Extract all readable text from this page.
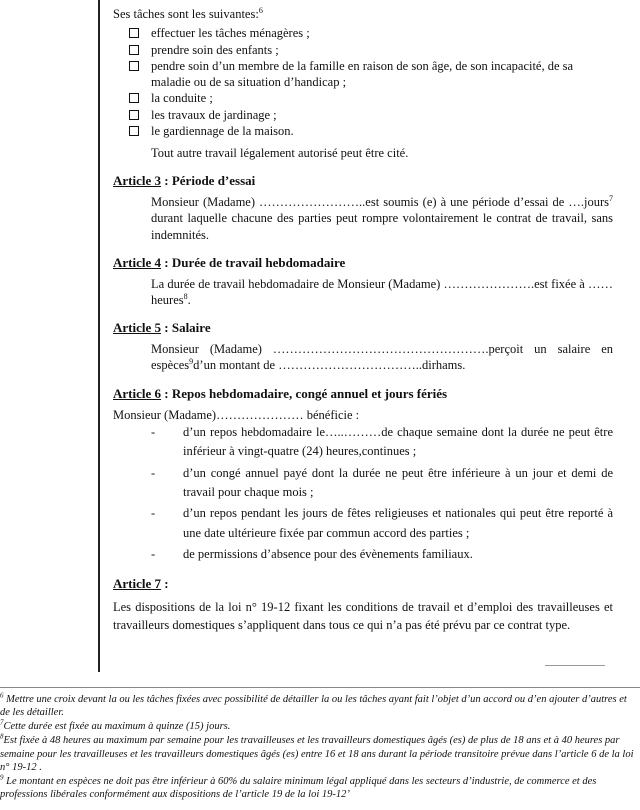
Ses tâches sont les suivantes:$^6$

effectuer les tâches ménagères ;
prendre soin des enfants ;
pendre soin d’un membre de la famille en raison de son âge, de son incapacité, de sa maladie ou de sa situation d’handicap ;
la conduite ;
les travaux de jardinage ;
le gardiennage de la maison.

Tout autre travail légalement autorisé peut être cité.

Article 3 : Période d’essai

Monsieur (Madame) ……………………..est soumis (e) à une période d’essai de ….jours$^7$ durant laquelle chacune des parties peut rompre volontairement le contrat de travail, sans indemnités.

Article 4 : Durée de travail hebdomadaire

La durée de travail hebdomadaire de Monsieur (Madame) ………………….est fixée à …… heures$^8$.

Article 5 : Salaire

Monsieur (Madame) …………………………………………….perçoit un salaire en espèces$^9$d’un montant de ……………………………..dirhams.

Article 6 : Repos hebdomadaire, congé annuel et jours fériés

Monsieur (Madame)………………… bénéficie :

- d’un repos hebdomadaire le…..………de chaque semaine dont la durée ne peut être inférieur à vingt-quatre (24) heures,continues ;
- d’un congé annuel payé dont la durée ne peut être inférieure à un jour et demi de travail pour chaque mois ;
- d’un repos pendant les jours de fêtes religieuses et nationales qui peut être reporté à une date ultérieure fixée par commun accord des parties ;
- de permissions d’absence pour des évènements familiaux.

Article 7 :

Les dispositions de la loi n° 19-12 fixant les conditions de travail et d’emploi des travailleuses et travailleurs domestiques s’appliquent dans tous ce qui n’a pas été prévu par ce contrat type.

$^6$ Mettre une croix devant la ou les tâches fixées avec possibilité de détailler la ou les tâches ayant fait l’objet d’un accord ou d’en ajouter d’autres et de les détailler.

$^7$Cette durée est fixée au maximum à quinze (15) jours.

$^8$Est fixée à 48 heures au maximum par semaine pour les travailleuses et les travailleurs domestiques âgés (es) de plus de 18 ans et à 40 heures par semaine pour les travailleuses et les travailleurs domestiques âgés (es) entre 16 et 18 ans durant la période transitoire prévue dans l’article 6 de la loi n° 19-12 .

$^9$ Le montant en espèces ne doit pas être inférieur à 60% du salaire minimum légal appliqué dans les secteurs d’industrie, de commerce et des professions libérales conformément aux dispositions de l’article 19 de la loi 19-12’
